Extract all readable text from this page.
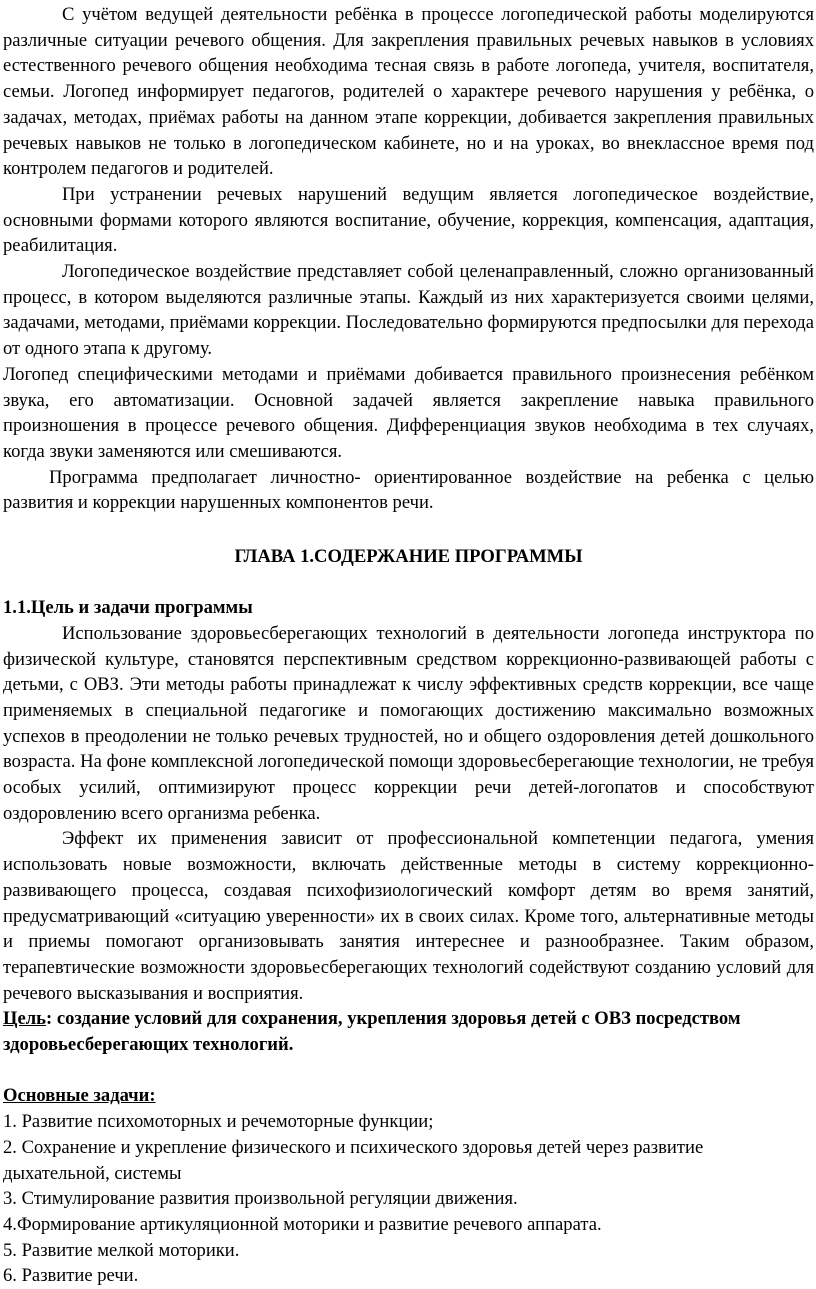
С учётом ведущей деятельности ребёнка в процессе логопедической работы моделируются различные ситуации речевого общения. Для закрепления правильных речевых навыков в условиях естественного речевого общения необходима тесная связь в работе логопеда, учителя, воспитателя, семьи. Логопед информирует педагогов, родителей о характере речевого нарушения у ребёнка, о задачах, методах, приёмах работы на данном этапе коррекции, добивается закрепления правильных речевых навыков не только в логопедическом кабинете, но и на уроках, во внеклассное время под контролем педагогов и родителей.

При устранении речевых нарушений ведущим является логопедическое воздействие, основными формами которого являются воспитание, обучение, коррекция, компенсация, адаптация, реабилитация.

Логопедическое воздействие представляет собой целенаправленный, сложно организованный процесс, в котором выделяются различные этапы. Каждый из них характеризуется своими целями, задачами, методами, приёмами коррекции. Последовательно формируются предпосылки для перехода от одного этапа к другому.

Логопед специфическими методами и приёмами добивается правильного произнесения ребёнком звука, его автоматизации. Основной задачей является закрепление навыка правильного произношения в процессе речевого общения. Дифференциация звуков необходима в тех случаях, когда звуки заменяются или смешиваются.

Программа предполагает личностно- ориентированное воздействие на ребенка с целью развития и коррекции нарушенных компонентов речи.

ГЛАВА 1.СОДЕРЖАНИЕ ПРОГРАММЫ

1.1.Цель и задачи программы

Использование здоровьесберегающих технологий в деятельности логопеда инструктора по физической культуре, становятся перспективным средством коррекционно-развивающей работы с детьми, с ОВЗ. Эти методы работы принадлежат к числу эффективных средств коррекции, все чаще применяемых в специальной педагогике и помогающих достижению максимально возможных успехов в преодолении не только речевых трудностей, но и общего оздоровления детей дошкольного возраста. На фоне комплексной логопедической помощи здоровьесберегающие технологии, не требуя особых усилий, оптимизируют процесс коррекции речи детей-логопатов и способствуют оздоровлению всего организма ребенка.

Эффект их применения зависит от профессиональной компетенции педагога, умения использовать новые возможности, включать действенные методы в систему коррекционно-развивающего процесса, создавая психофизиологический комфорт детям во время занятий, предусматривающий «ситуацию уверенности» их в своих силах. Кроме того, альтернативные методы и приемы помогают организовывать занятия интереснее и разнообразнее. Таким образом, терапевтические возможности здоровьесберегающих технологий содействуют созданию условий для речевого высказывания и восприятия.

Цель: создание условий для сохранения, укрепления здоровья детей с ОВЗ посредством здоровьесберегающих технологий.

Основные задачи:

1. Развитие психомоторных и речемоторные функции;
2. Сохранение и укрепление физического и психического здоровья детей через развитие дыхательной, системы
3. Стимулирование развития произвольной регуляции движения.
4.Формирование артикуляционной моторики и развитие речевого аппарата.
5. Развитие мелкой моторики.
6. Развитие речи.
